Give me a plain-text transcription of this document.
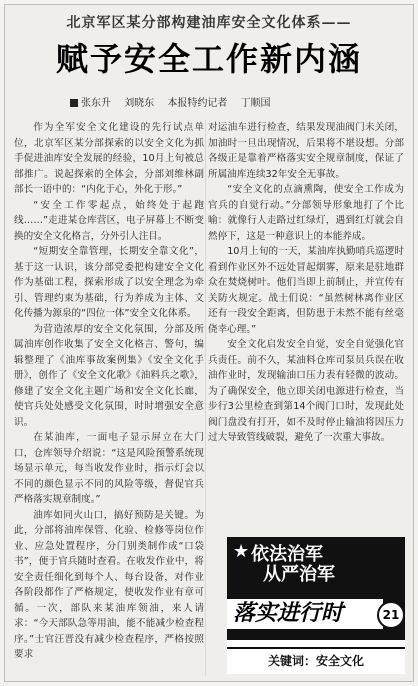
北京军区某分部构建油库安全文化体系——
赋予安全工作新内涵
张东升 刘晓东 本报特约记者 丁顺国

作为全军安全文化建设的先行试点单位，北京军区某分部探索的以安全文化为抓手促进油库安全发展的经验，10月上旬被总部推广。说起探索的全体会，分部刘维林副部长一语中的：“内化于心，外化于形。”

“安全工作零起点，始终处于起跑线……”走进某仓库营区，电子屏幕上不断变换的安全文化格言，分外引人注目。

“短期安全靠管理，长期安全靠文化”，基于这一认识，该分部党委把构建安全文化作为基础工程，探索形成了以安全理念为牵引、管理约束为基础，行为养成为主体、文化传播为源泉的“四位一体”安全文化体系。

为营造浓厚的安全文化氛围，分部及所属油库创作收集了安全文化格言、警句，编辑整理了《油库事故案例集》《安全文化手册》，创作了《安全文化歌》《油料兵之歌》，修建了安全文化主题广场和安全文化长廊，使官兵处处感受文化氛围，时时增强安全意识。

在某油库，一面电子显示屏立在大门口，仓库领导介绍说：“这是风险预警系统现场显示单元，每当收发作业时，指示灯会以不同的颜色显示不同的风险等级，督促官兵严格落实规章制度。”

油库如同火山口，搞好预防是关键。为此，分部将油库保管、化验、检修等岗位作业、应急处置程序，分门别类制作成“口袋书”，便于官兵随时查看。在收发作业中，将安全责任细化到每个人、每台设备，对作业各阶段都作了严格规定，使收发作业有章可循。一次，部队来某油库领油，来人请求：“今天部队急等用油，能不能减少检查程序。”士官汪晋没有减少检查程序，严格按照要求

对运油车进行检查，结果发现油阀门未关闭，加油时一旦出现情况，后果将不堪设想。分部各级正是靠着严格落实安全规章制度，保证了所属油库连续32年安全无事故。

“安全文化的点滴熏陶，使安全工作成为官兵的自觉行动。”分部领导形象地打了个比喻：就像行人走路过红绿灯，遇到红灯就会自然停下，这是一种意识上的本能养成。

10月上旬的一天，某油库执勤哨兵巡逻时看到作业区外不远处冒起烟雾，原来是驻地群众在焚烧树叶。他们当即上前制止，并宣传有关防火规定。战士们说：“虽然树林离作业区还有一段安全距离，但防患于未然不能有丝毫侥幸心理。”

安全文化启发安全自觉，安全自觉强化官兵责任。前不久，某油料仓库司泵员兵误在收油作业时，发现输油口压力表有轻微的波动。为了确保安全，他立即关闭电源进行检查，当步行3公里检查到第14个阀门口时，发现此处阀门盘没有打开，如不及时停止输油将因压力过大导致管线破裂，避免了一次重大事故。

★ 依法治军
从严治军
落实进行时	21
关键词：安全文化
